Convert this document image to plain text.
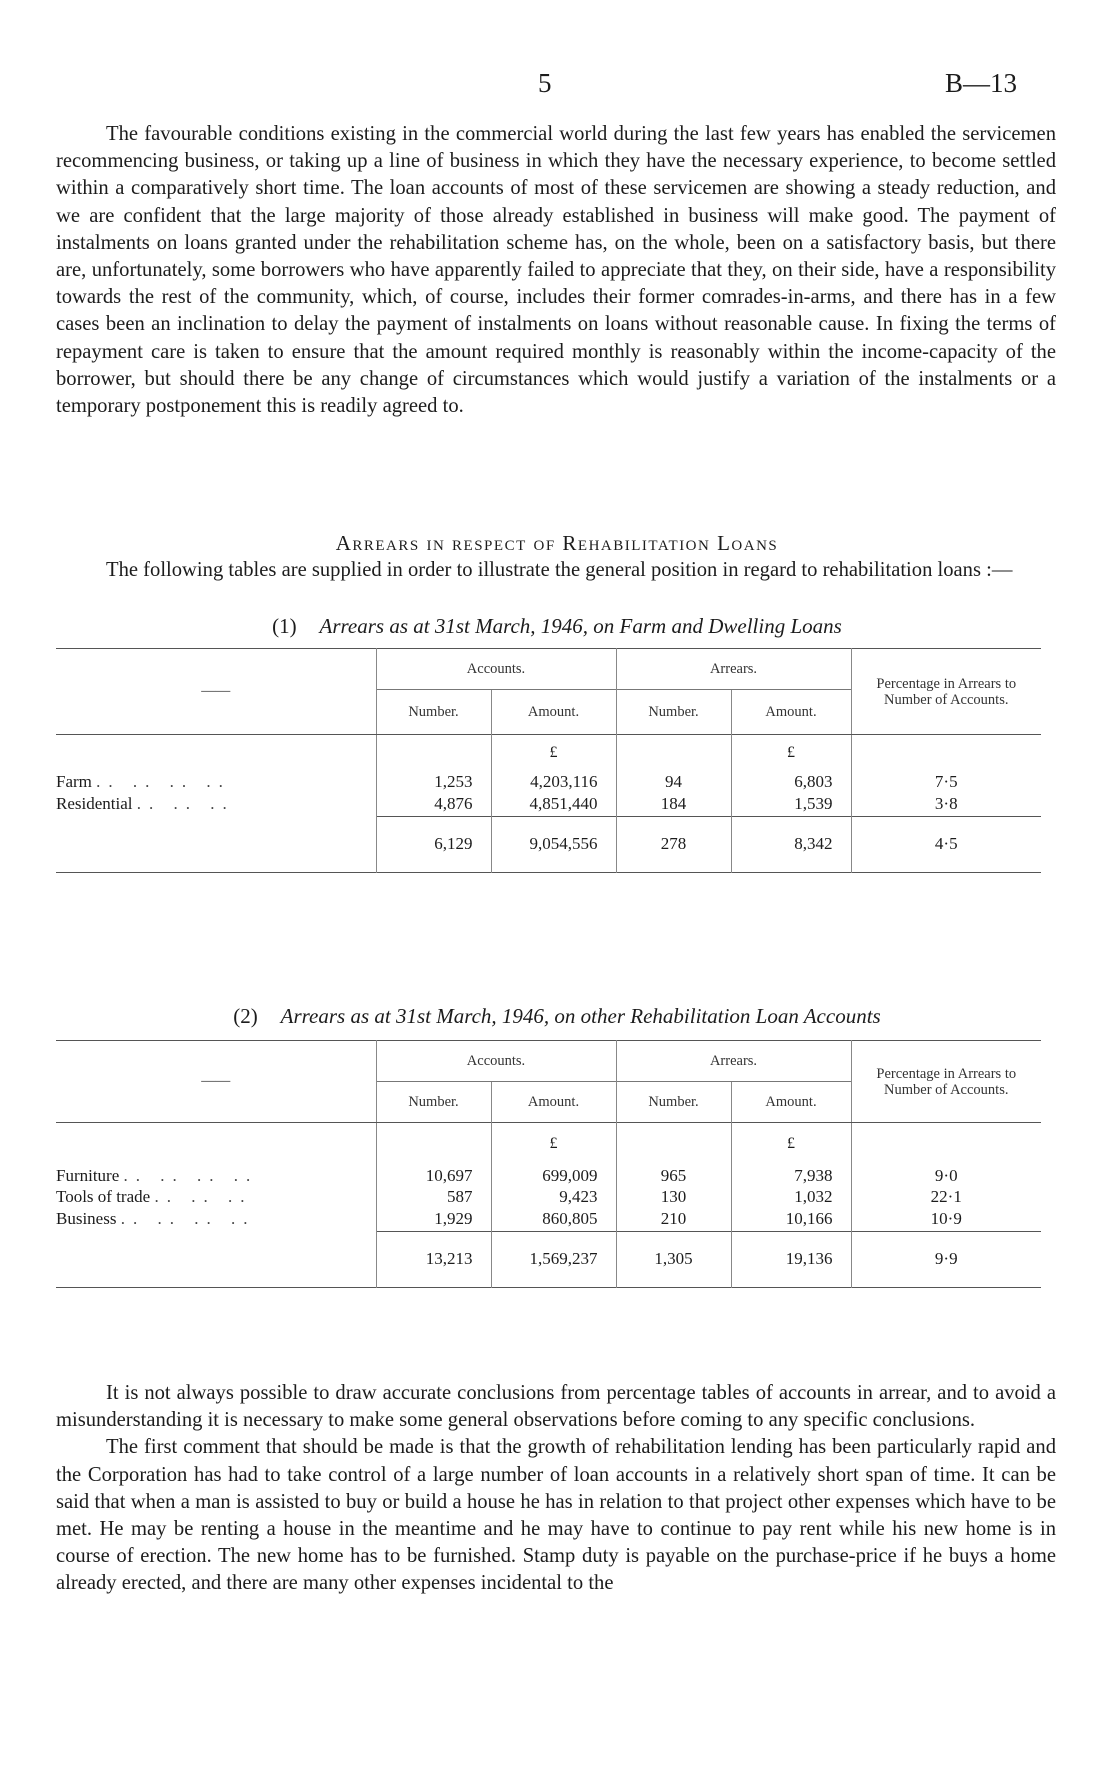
5	B—13

The favourable conditions existing in the commercial world during the last few years has enabled the servicemen recommencing business, or taking up a line of business in which they have the necessary experience, to become settled within a comparatively short time. The loan accounts of most of these servicemen are showing a steady reduction, and we are confident that the large majority of those already established in business will make good. The payment of instalments on loans granted under the rehabilitation scheme has, on the whole, been on a satisfactory basis, but there are, unfortunately, some borrowers who have apparently failed to appreciate that they, on their side, have a responsibility towards the rest of the community, which, of course, includes their former comrades-in-arms, and there has in a few cases been an inclination to delay the payment of instalments on loans without reasonable cause. In fixing the terms of repayment care is taken to ensure that the amount required monthly is reasonably within the income-capacity of the borrower, but should there be any change of circumstances which would justify a variation of the instalments or a temporary postponement this is readily agreed to.

Arrears in respect of Rehabilitation Loans

The following tables are supplied in order to illustrate the general position in regard to rehabilitation loans :—

(1) Arrears as at 31st March, 1946, on Farm and Dwelling Loans
——	Accounts.		Arrears.		Percentage in Arrears to Number of Accounts.
	Number.	Amount.	Number.	Amount.	
		£		£	
Farm .. .. .. ..	1,253	4,203,116	94	6,803	7·5
Residential .. .. ..	4,876	4,851,440	184	1,539	3·8
	6,129	9,054,556	278	8,342	4·5
(2) Arrears as at 31st March, 1946, on other Rehabilitation Loan Accounts
——	Accounts.		Arrears.		Percentage in Arrears to Number of Accounts.
	Number.	Amount.	Number.	Amount.	
		£		£	
Furniture .. .. .. ..	10,697	699,009	965	7,938	9·0
Tools of trade .. .. ..	587	9,423	130	1,032	22·1
Business .. .. .. ..	1,929	860,805	210	10,166	10·9
	13,213	1,569,237	1,305	19,136	9·9

It is not always possible to draw accurate conclusions from percentage tables of accounts in arrear, and to avoid a misunderstanding it is necessary to make some general observations before coming to any specific conclusions.

The first comment that should be made is that the growth of rehabilitation lending has been particularly rapid and the Corporation has had to take control of a large number of loan accounts in a relatively short span of time. It can be said that when a man is assisted to buy or build a house he has in relation to that project other expenses which have to be met. He may be renting a house in the meantime and he may have to continue to pay rent while his new home is in course of erection. The new home has to be furnished. Stamp duty is payable on the purchase-price if he buys a home already erected, and there are many other expenses incidental to the
